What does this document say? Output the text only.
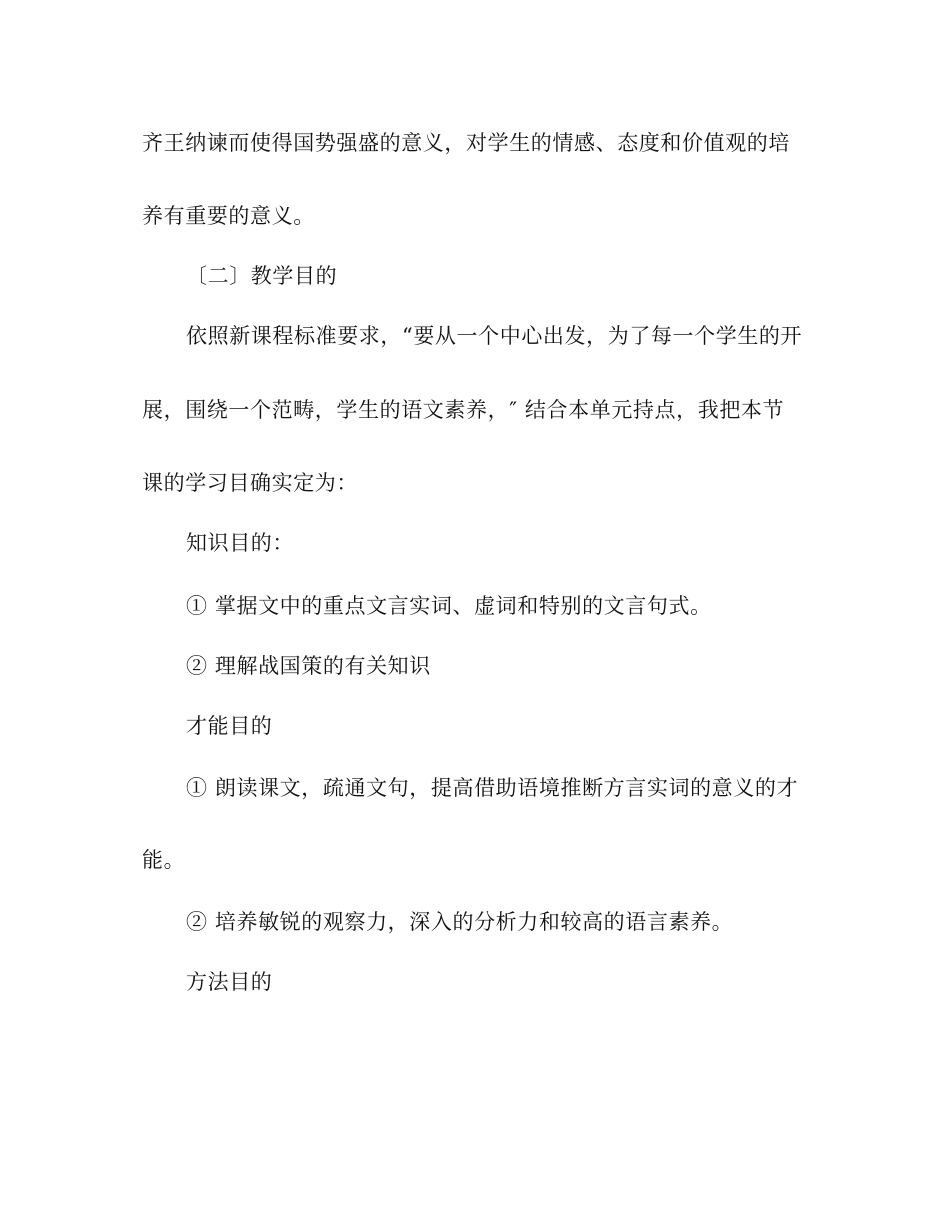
齐王纳谏而使得国势强盛的意义，对学生的情感、态度和价值观的培
养有重要的意义。
〔二〕教学目的
依照新课程标准要求，“要从一个中心出发，为了每一个学生的开
展，围绕一个范畴，学生的语文素养，″ 结合本单元持点，我把本节
课的学习目确实定为：
知识目的：
① 掌据文中的重点文言实词、虚词和特别的文言句式。
② 理解战国策的有关知识
才能目的
① 朗读课文，疏通文句，提高借助语境推断方言实词的意义的才
能。
② 培养敏锐的观察力，深入的分析力和较高的语言素养。
方法目的
